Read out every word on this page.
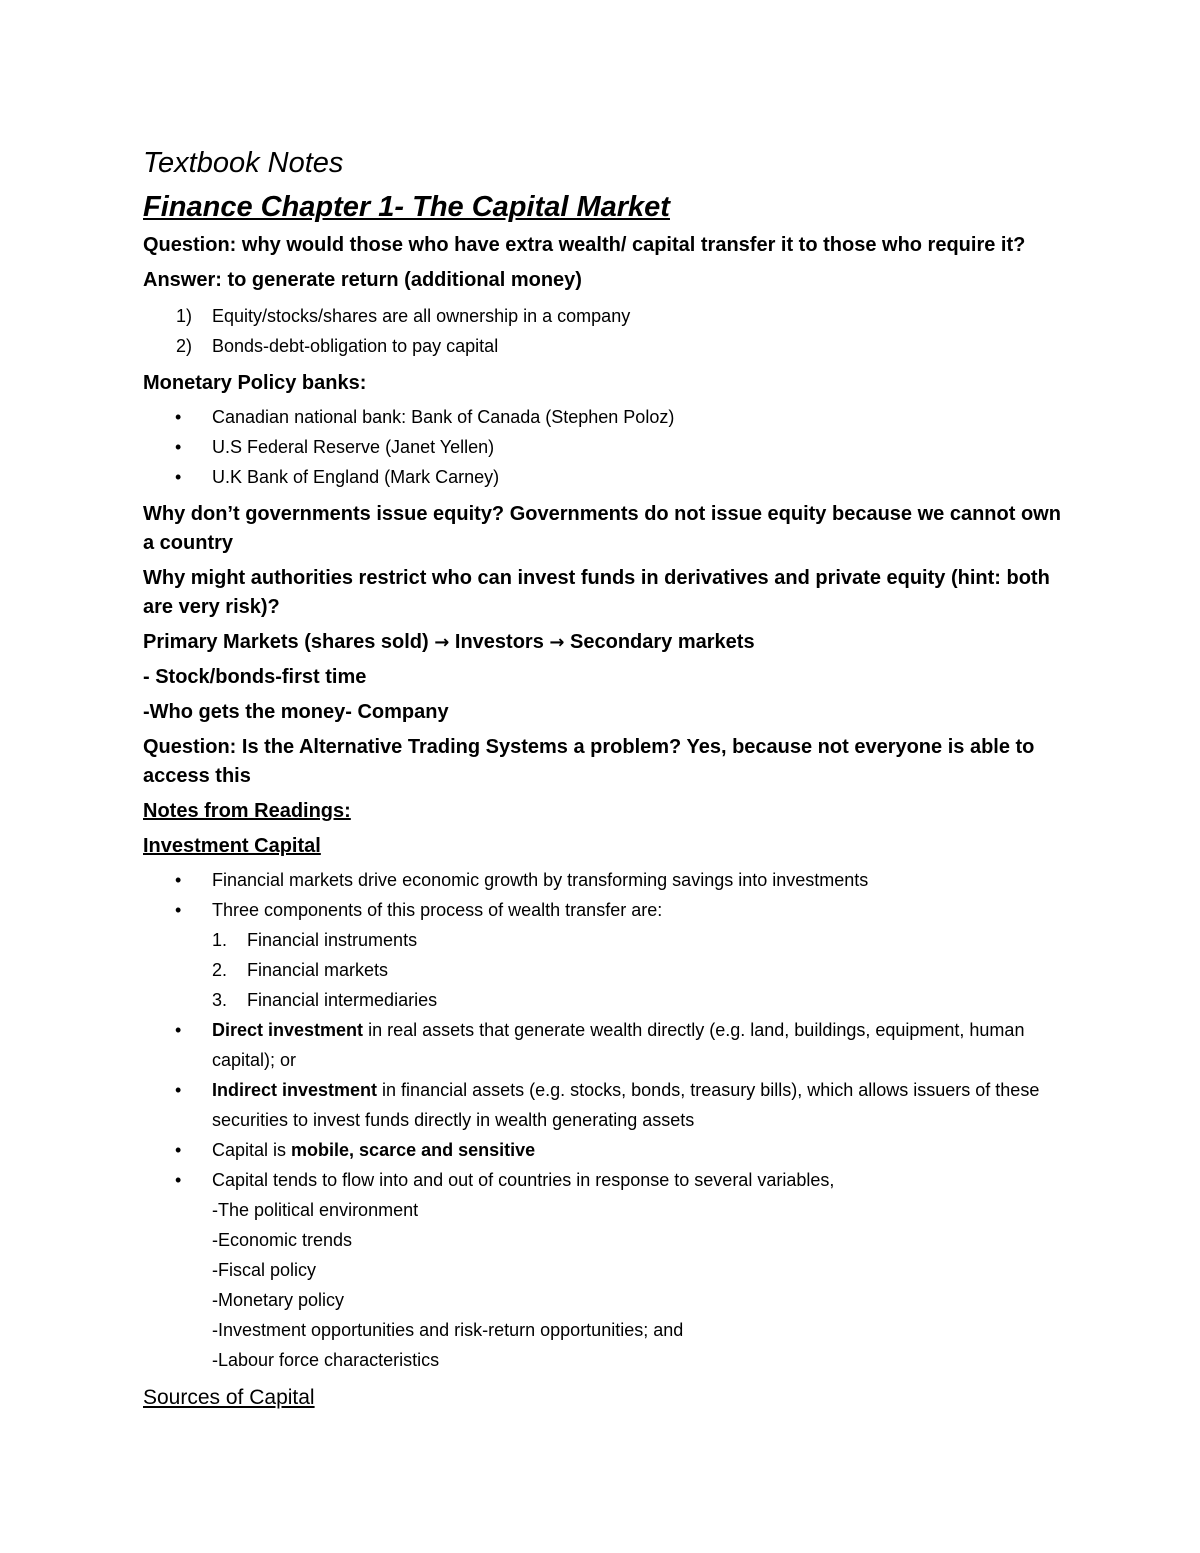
Textbook Notes
Finance Chapter 1- The Capital Market
Question: why would those who have extra wealth/ capital transfer it to those who require it?
Answer: to generate return (additional money)
1) Equity/stocks/shares are all ownership in a company
2) Bonds-debt-obligation to pay capital
Monetary Policy banks:
• Canadian national bank: Bank of Canada (Stephen Poloz)
• U.S Federal Reserve (Janet Yellen)
• U.K Bank of England (Mark Carney)
Why don’t governments issue equity? Governments do not issue equity because we cannot own a country
Why might authorities restrict who can invest funds in derivatives and private equity (hint: both are very risk)?
Primary Markets (shares sold) → Investors → Secondary markets
- Stock/bonds-first time
-Who gets the money- Company
Question: Is the Alternative Trading Systems a problem? Yes, because not everyone is able to access this
Notes from Readings:
Investment Capital
• Financial markets drive economic growth by transforming savings into investments
• Three components of this process of wealth transfer are:
1. Financial instruments
2. Financial markets
3. Financial intermediaries
• Direct investment in real assets that generate wealth directly (e.g. land, buildings, equipment, human capital); or
• Indirect investment in financial assets (e.g. stocks, bonds, treasury bills), which allows issuers of these securities to invest funds directly in wealth generating assets
• Capital is mobile, scarce and sensitive
• Capital tends to flow into and out of countries in response to several variables,
-The political environment
-Economic trends
-Fiscal policy
-Monetary policy
-Investment opportunities and risk-return opportunities; and
-Labour force characteristics
Sources of Capital
